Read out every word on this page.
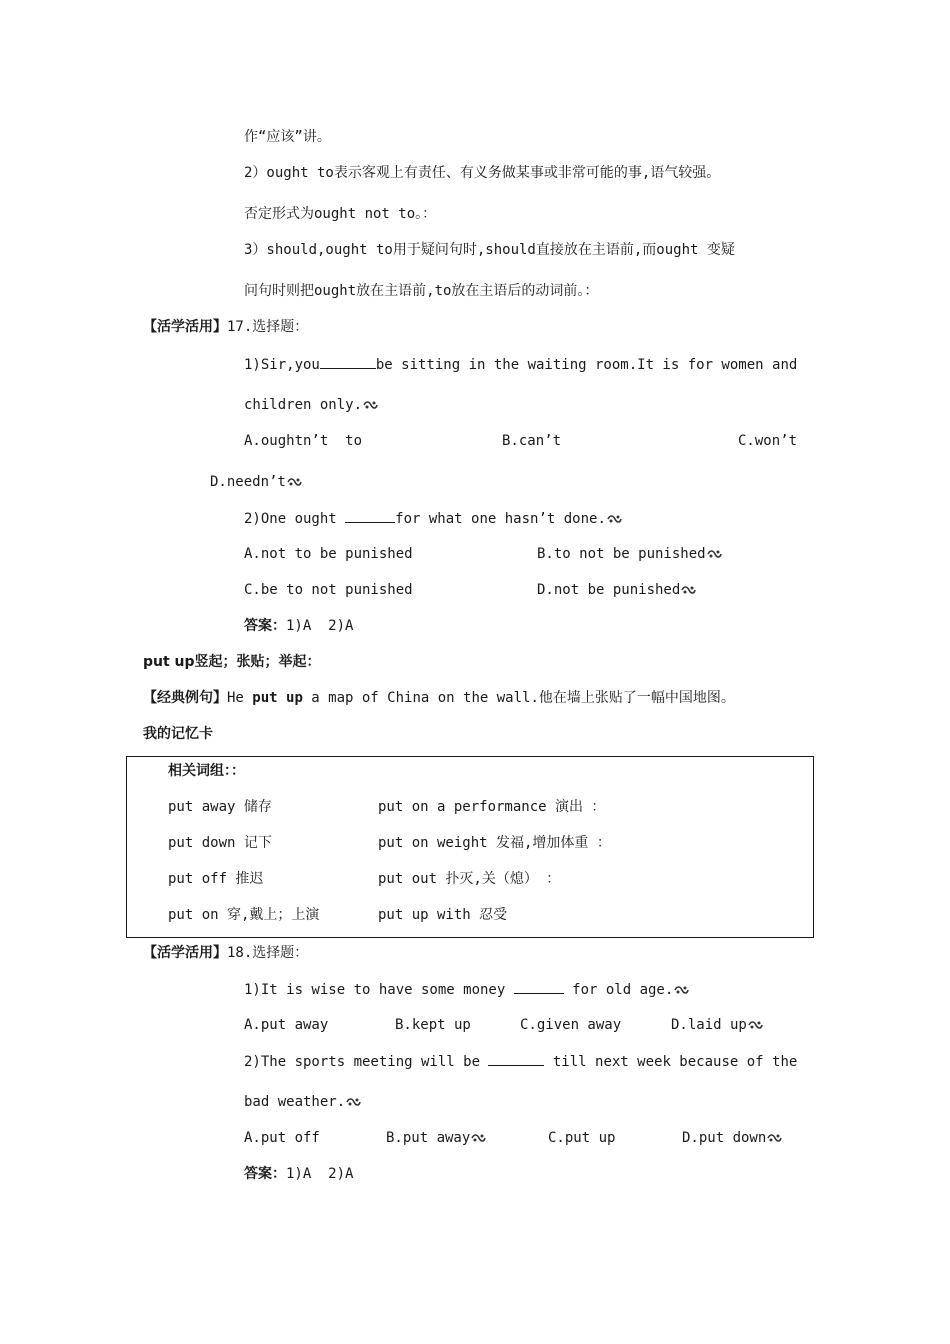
作“应该”讲。
2）ought to表示客观上有责任、有义务做某事或非常可能的事,语气较强。
否定形式为ought not to。：
3）should,ought to用于疑问句时,should直接放在主语前,而ought 变疑
问句时则把ought放在主语前,to放在主语后的动词前。：
【活学活用】17.选择题：
1)Sir,you	be sitting in the waiting room.It is for women and
children only.
A.oughtn’t  to	B.can’t	C.won’t
D.needn’t
2)One ought	for what one hasn’t done.
A.not to be punished	B.to not be punished
C.be to not punished	D.not be punished
答案：1)A  2)A
put up竖起；张贴；举起：
【经典例句】He put up a map of China on the wall.他在墙上张贴了一幅中国地图。
我的记忆卡
相关词组：：
put away 储存	put on a performance 演出 ：
put down 记下	put on weight 发福,增加体重 ：
put off 推迟	put out 扑灭,关（熄） ：
put on 穿,戴上；上演	put up with 忍受
【活学活用】18.选择题：
1)It is wise to have some money	for old age.
A.put away	B.kept up	C.given away	D.laid up
2)The sports meeting will be	till next week because of the
bad weather.
A.put off	B.put away	C.put up	D.put down
答案：1)A  2)A
